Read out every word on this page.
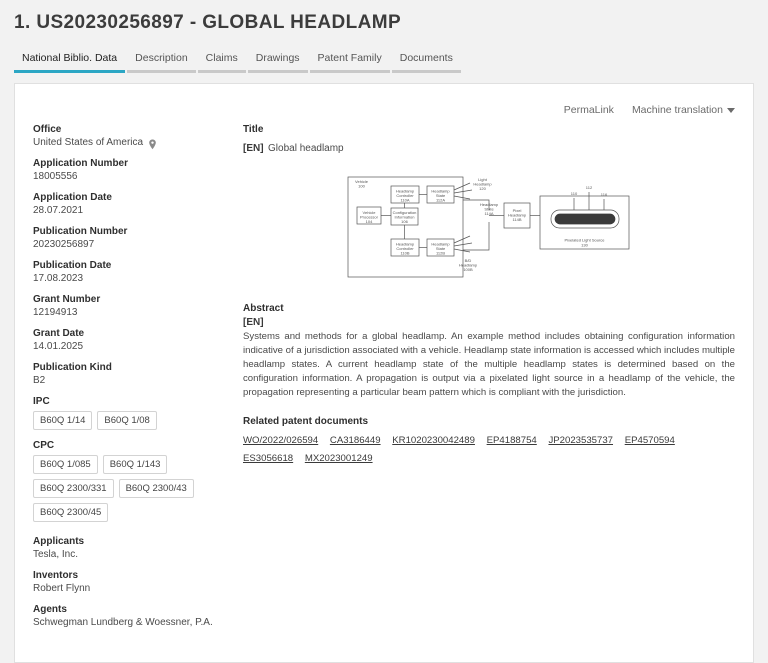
1. US20230256897 - GLOBAL HEADLAMP
National Biblio. Data	Description	Claims	Drawings	Patent Family	Documents
PermaLink Machine translation
Office
United States of America
Application Number
18005556
Application Date
28.07.2021
Publication Number
20230256897
Publication Date
17.08.2023
Grant Number
12194913
Grant Date
14.01.2025
Publication Kind
B2
IPC
B60Q 1/14	B60Q 1/08
CPC
B60Q 1/085	B60Q 1/143
B60Q 2300/331	B60Q 2300/43
B60Q 2300/45
Applicants
Tesla, Inc.
Inventors
Robert Flynn
Agents
Schwegman Lundberg & Woessner, P.A.
Title
[EN] Global headlamp
Vehicle
Processor
104
Configuration
Information
106
Headlamp
Controller
110A
Headlamp
Controller
110B
Headlamp
State
112A
Headlamp
State
112B
Pixel
Headlamp
114B
Pixelated Light Source
130
Headlamp
State
114A
Vehicle
100
Light
Headlamp
120
B/D
Headlamp
100B
110
112
116
Abstract
[EN]
Systems and methods for a global headlamp. An example method includes obtaining configuration information indicative of a jurisdiction associated with a vehicle. Headlamp state information is accessed which includes multiple headlamp states. A current headlamp state of the multiple headlamp states is determined based on the configuration information. A propagation is output via a pixelated light source in a headlamp of the vehicle, the propagation representing a particular beam pattern which is compliant with the jurisdiction.
Related patent documents
WO/2022/026594 CA3186449 KR1020230042489 EP4188754 JP2023535737 EP4570594 ES3056618 MX2023001249
